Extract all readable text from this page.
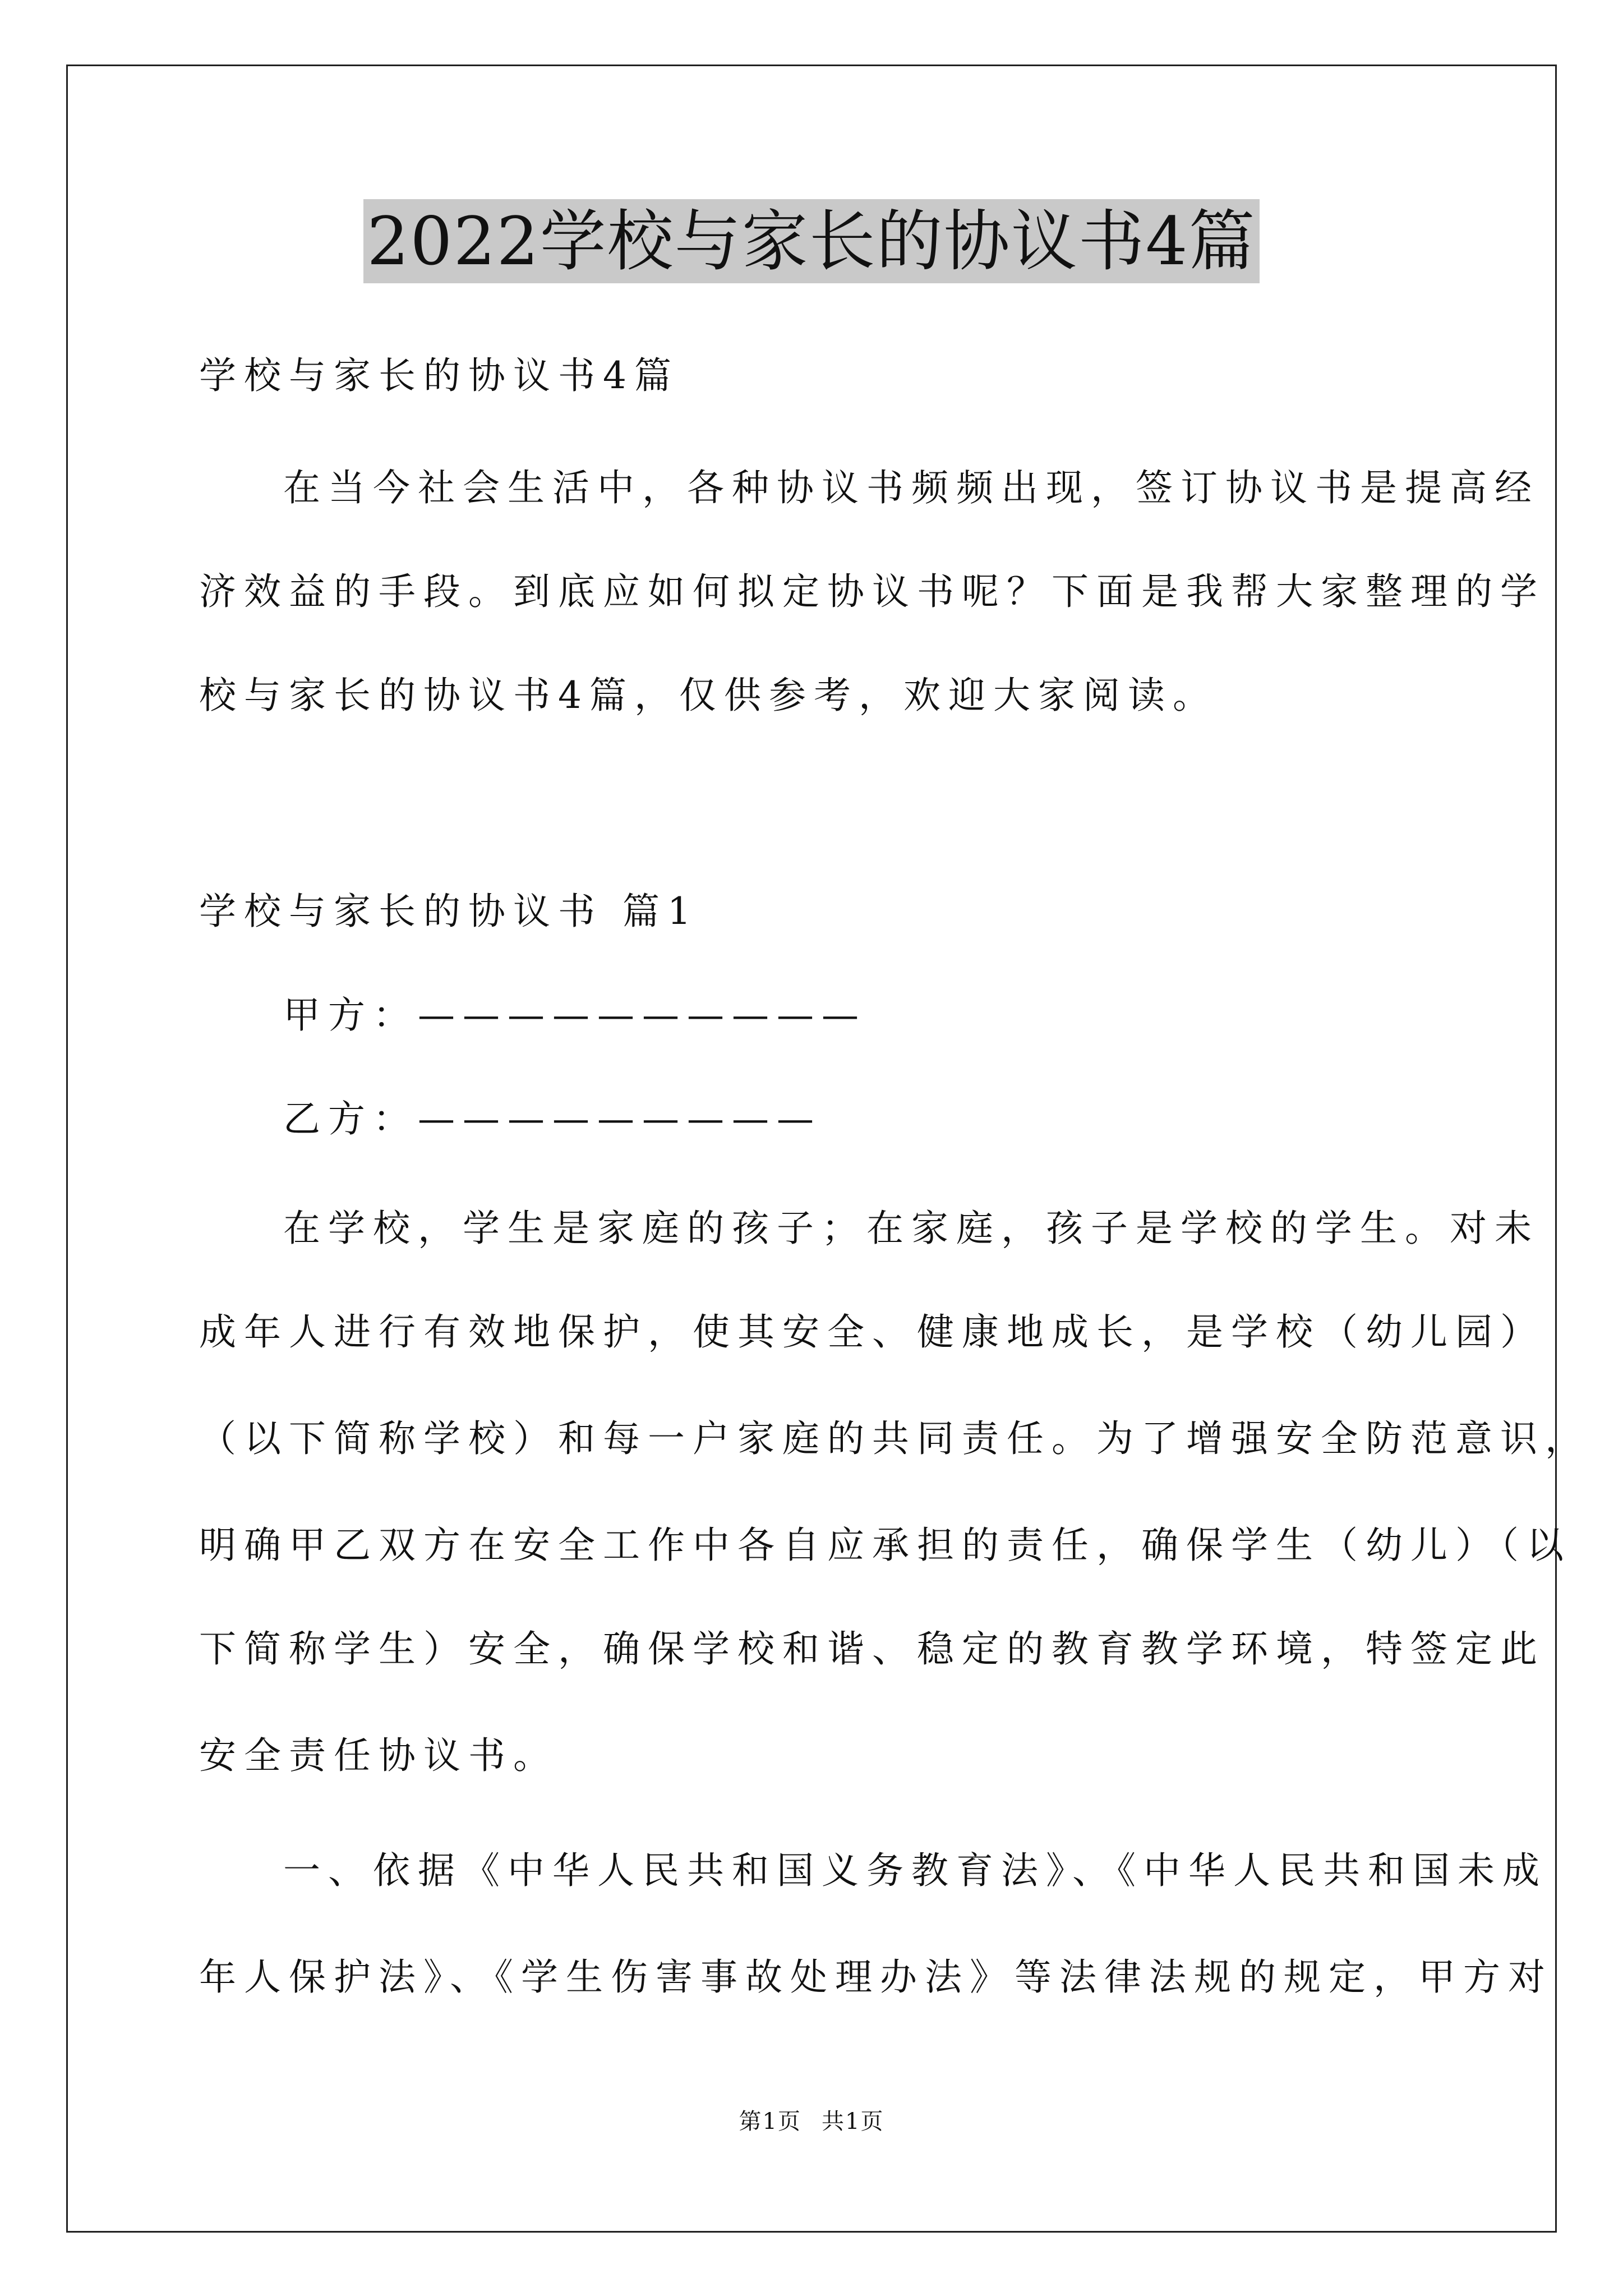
2022学校与家长的协议书4篇
学校与家长的协议书4篇
在当今社会生活中，各种协议书频频出现，签订协议书是提高经
济效益的手段。到底应如何拟定协议书呢？下面是我帮大家整理的学
校与家长的协议书4篇，仅供参考，欢迎大家阅读。
学校与家长的协议书 篇1
甲方：——————————
乙方：—————————
在学校，学生是家庭的孩子；在家庭，孩子是学校的学生。对未
成年人进行有效地保护，使其安全、健康地成长，是学校（幼儿园）
（以下简称学校）和每一户家庭的共同责任。为了增强安全防范意识，
明确甲乙双方在安全工作中各自应承担的责任，确保学生（幼儿）（以
下简称学生）安全，确保学校和谐、稳定的教育教学环境，特签定此
安全责任协议书。
一、依据《中华人民共和国义务教育法》、《中华人民共和国未成
年人保护法》、《学生伤害事故处理办法》等法律法规的规定，甲方对
第1页 共1页
